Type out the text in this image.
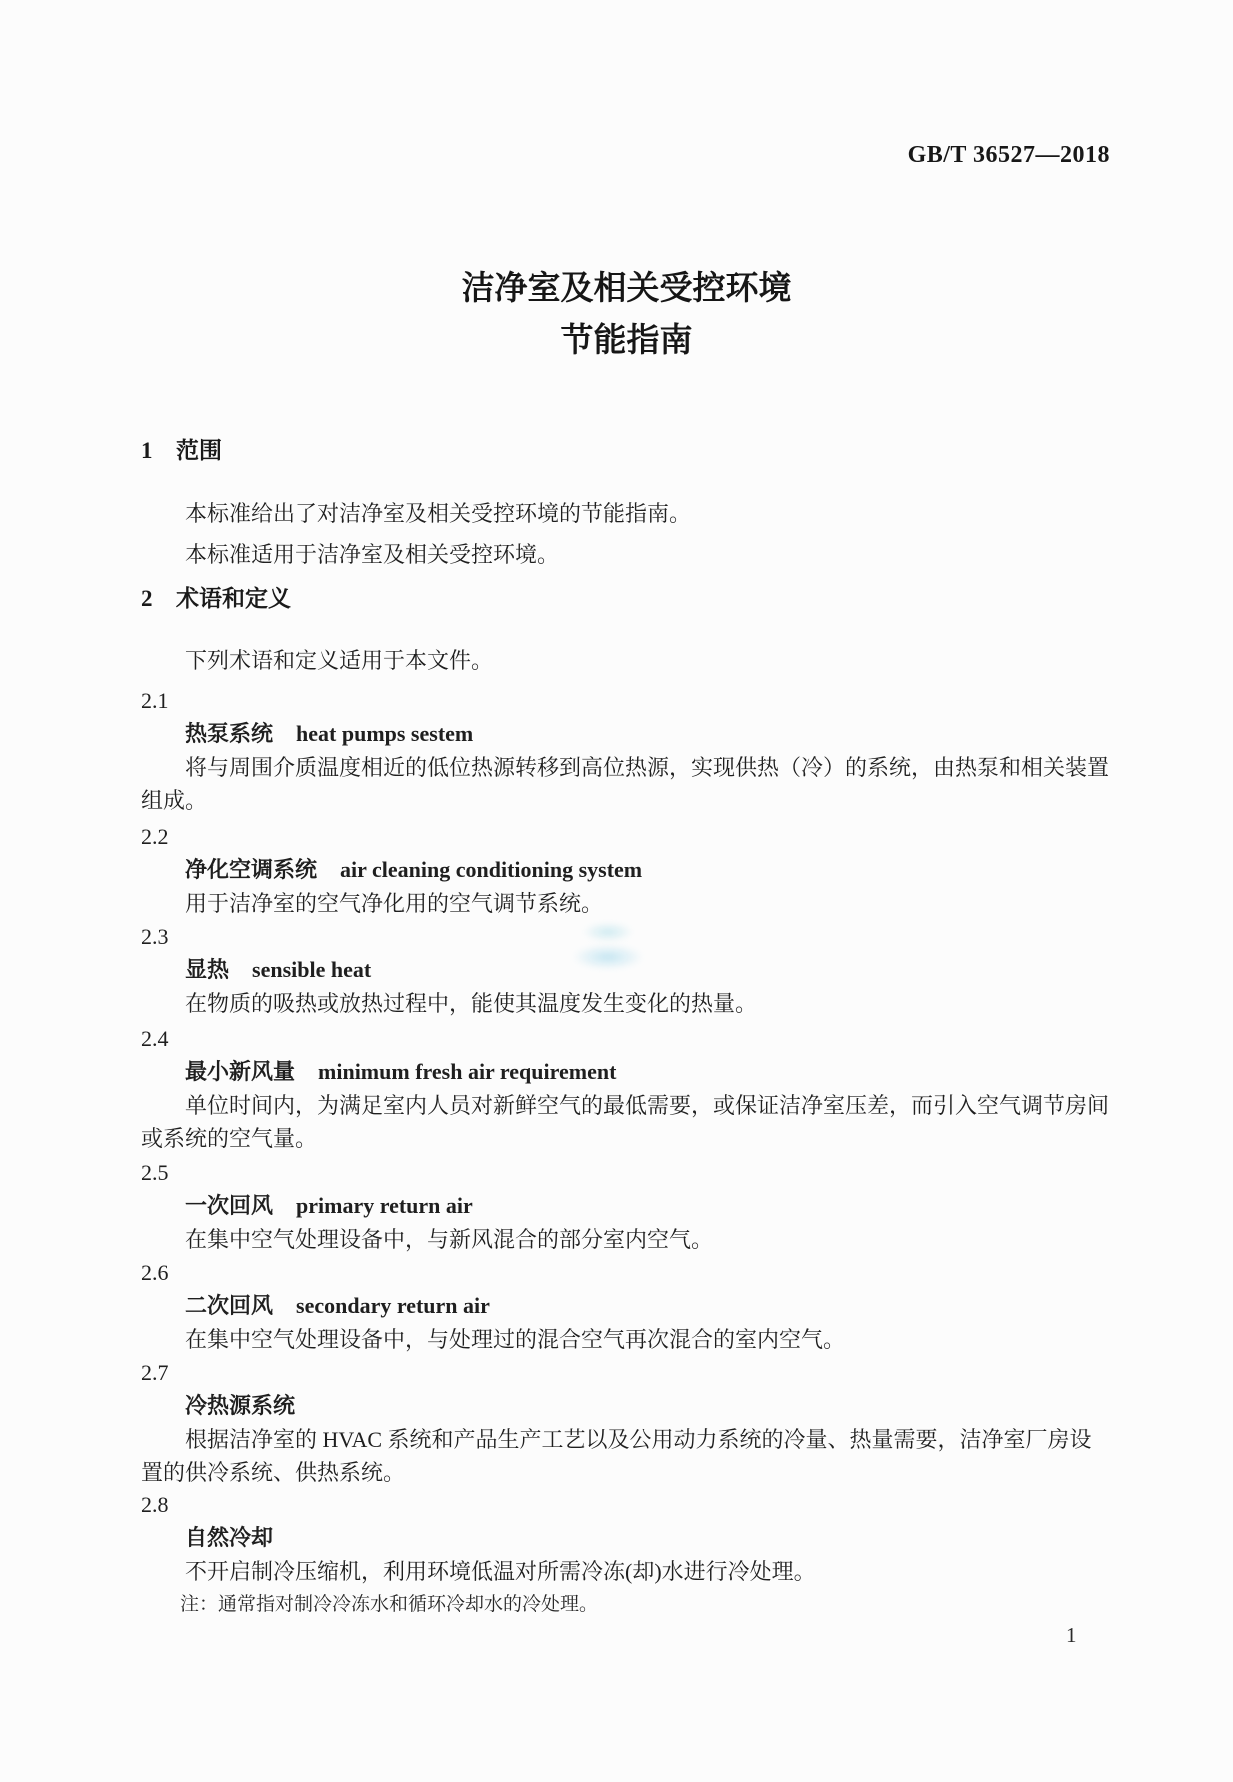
GB/T 36527—2018
洁净室及相关受控环境
节能指南
1 范围
本标准给出了对洁净室及相关受控环境的节能指南。
本标准适用于洁净室及相关受控环境。
2 术语和定义
下列术语和定义适用于本文件。
2.1
热泵系统 heat pumps sestem
将与周围介质温度相近的低位热源转移到高位热源，实现供热（冷）的系统，由热泵和相关装置组成。
2.2
净化空调系统 air cleaning conditioning system
用于洁净室的空气净化用的空气调节系统。
2.3
显热 sensible heat
在物质的吸热或放热过程中，能使其温度发生变化的热量。
2.4
最小新风量 minimum fresh air requirement
单位时间内，为满足室内人员对新鲜空气的最低需要，或保证洁净室压差，而引入空气调节房间或系统的空气量。
2.5
一次回风 primary return air
在集中空气处理设备中，与新风混合的部分室内空气。
2.6
二次回风 secondary return air
在集中空气处理设备中，与处理过的混合空气再次混合的室内空气。
2.7
冷热源系统
根据洁净室的 HVAC 系统和产品生产工艺以及公用动力系统的冷量、热量需要，洁净室厂房设置的供冷系统、供热系统。
2.8
自然冷却
不开启制冷压缩机，利用环境低温对所需冷冻(却)水进行冷处理。
注：通常指对制冷冷冻水和循环冷却水的冷处理。
1
